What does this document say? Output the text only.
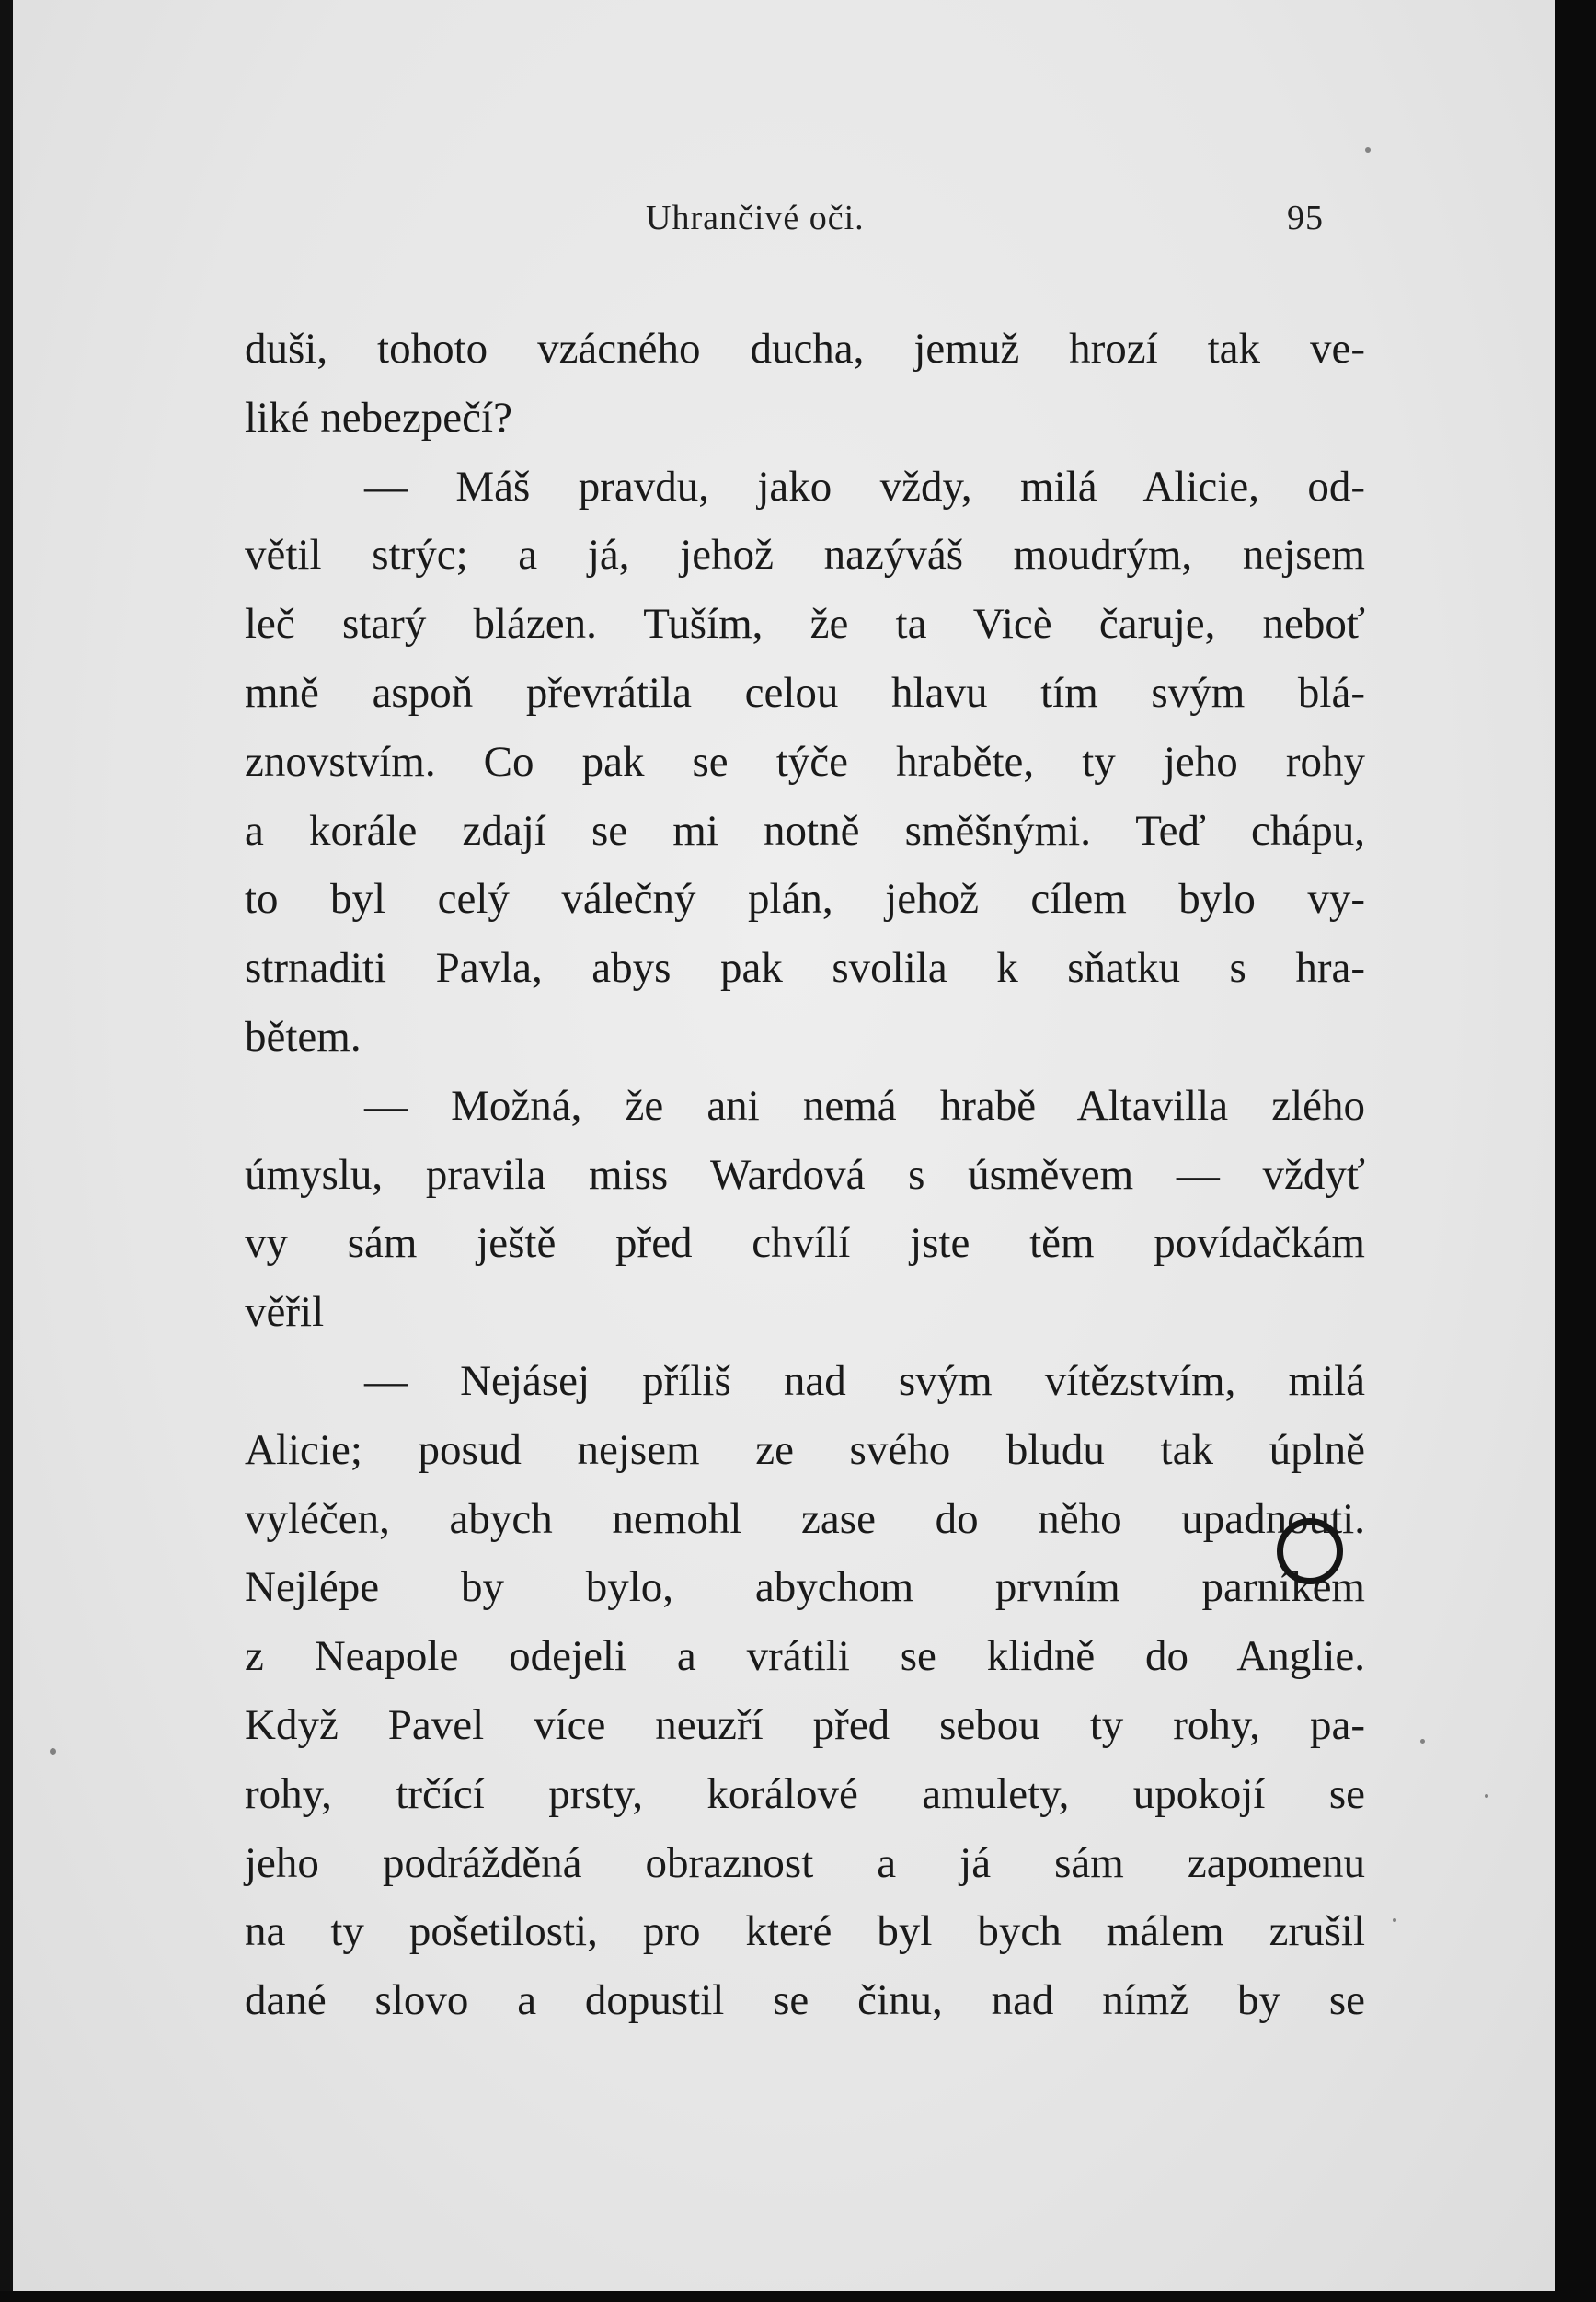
Uhrančivé oči.	95
duši, tohoto vzácného ducha, jemuž hrozí tak ve-
liké nebezpečí?
— Máš pravdu, jako vždy, milá Alicie, od-
větil strýc; a já, jehož nazýváš moudrým, nejsem
leč starý blázen. Tuším, že ta Vicè čaruje, neboť
mně aspoň převrátila celou hlavu tím svým blá-
znovstvím. Co pak se týče hraběte, ty jeho rohy
a korále zdají se mi notně směšnými. Teď chápu,
to byl celý válečný plán, jehož cílem bylo vy-
strnaditi Pavla, abys pak svolila k sňatku s hra-
bětem.
— Možná, že ani nemá hrabě Altavilla zlého
úmyslu, pravila miss Wardová s úsměvem — vždyť
vy sám ještě před chvílí jste těm povídačkám
věřil
— Nejásej příliš nad svým vítězstvím, milá
Alicie; posud nejsem ze svého bludu tak úplně
vyléčen, abych nemohl zase do něho upadnouti.
Nejlépe by bylo, abychom prvním parníkem
z Neapole odejeli a vrátili se klidně do Anglie.
Když Pavel více neuzří před sebou ty rohy, pa-
rohy, trčící prsty, korálové amulety, upokojí se
jeho podrážděná obraznost a já sám zapomenu
na ty pošetilosti, pro které byl bych málem zrušil
dané slovo a dopustil se činu, nad nímž by se
